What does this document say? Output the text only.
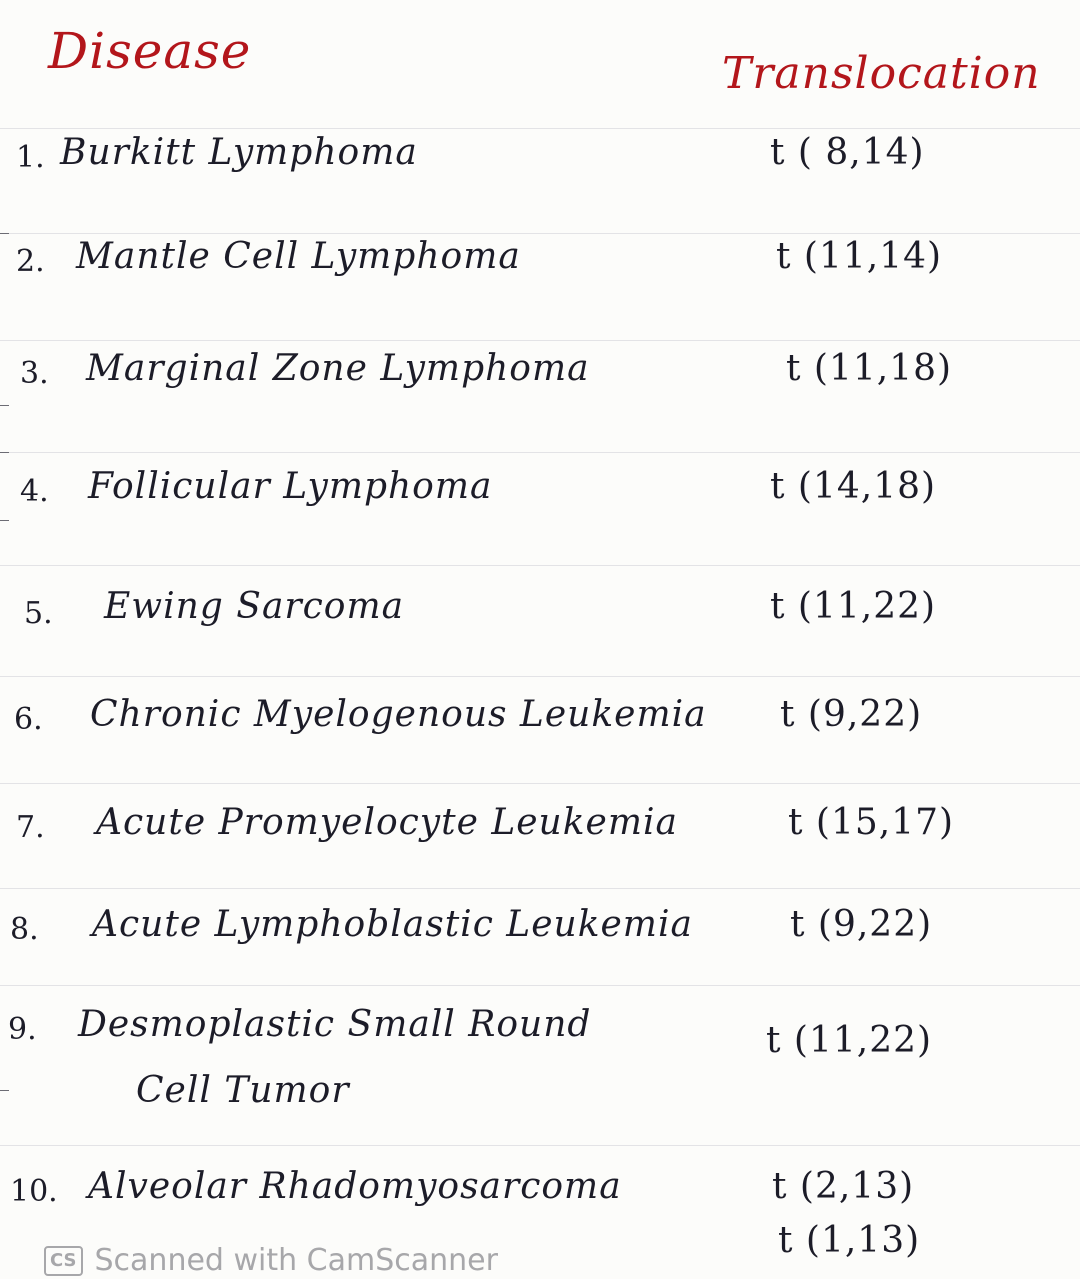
Disease	Translocation
1. Burkitt Lymphoma	t ( 8,14)
2. Mantle Cell Lymphoma	t (11,14)
3. Marginal Zone Lymphoma	t (11,18)
4. Follicular Lymphoma	t (14,18)
5. Ewing Sarcoma	t (11,22)
6. Chronic Myelogenous Leukemia t (9,22)
7. Acute Promyelocyte Leukemia	t (15,17)
8. Acute Lymphoblastic Leukemia	t (9,22)
9. Desmoplastic Small Round
Cell Tumor
t (11,22)
10. Alveolar Rhadomyosarcoma	t (2,13)
t (1,13)
CS Scanned with CamScanner
